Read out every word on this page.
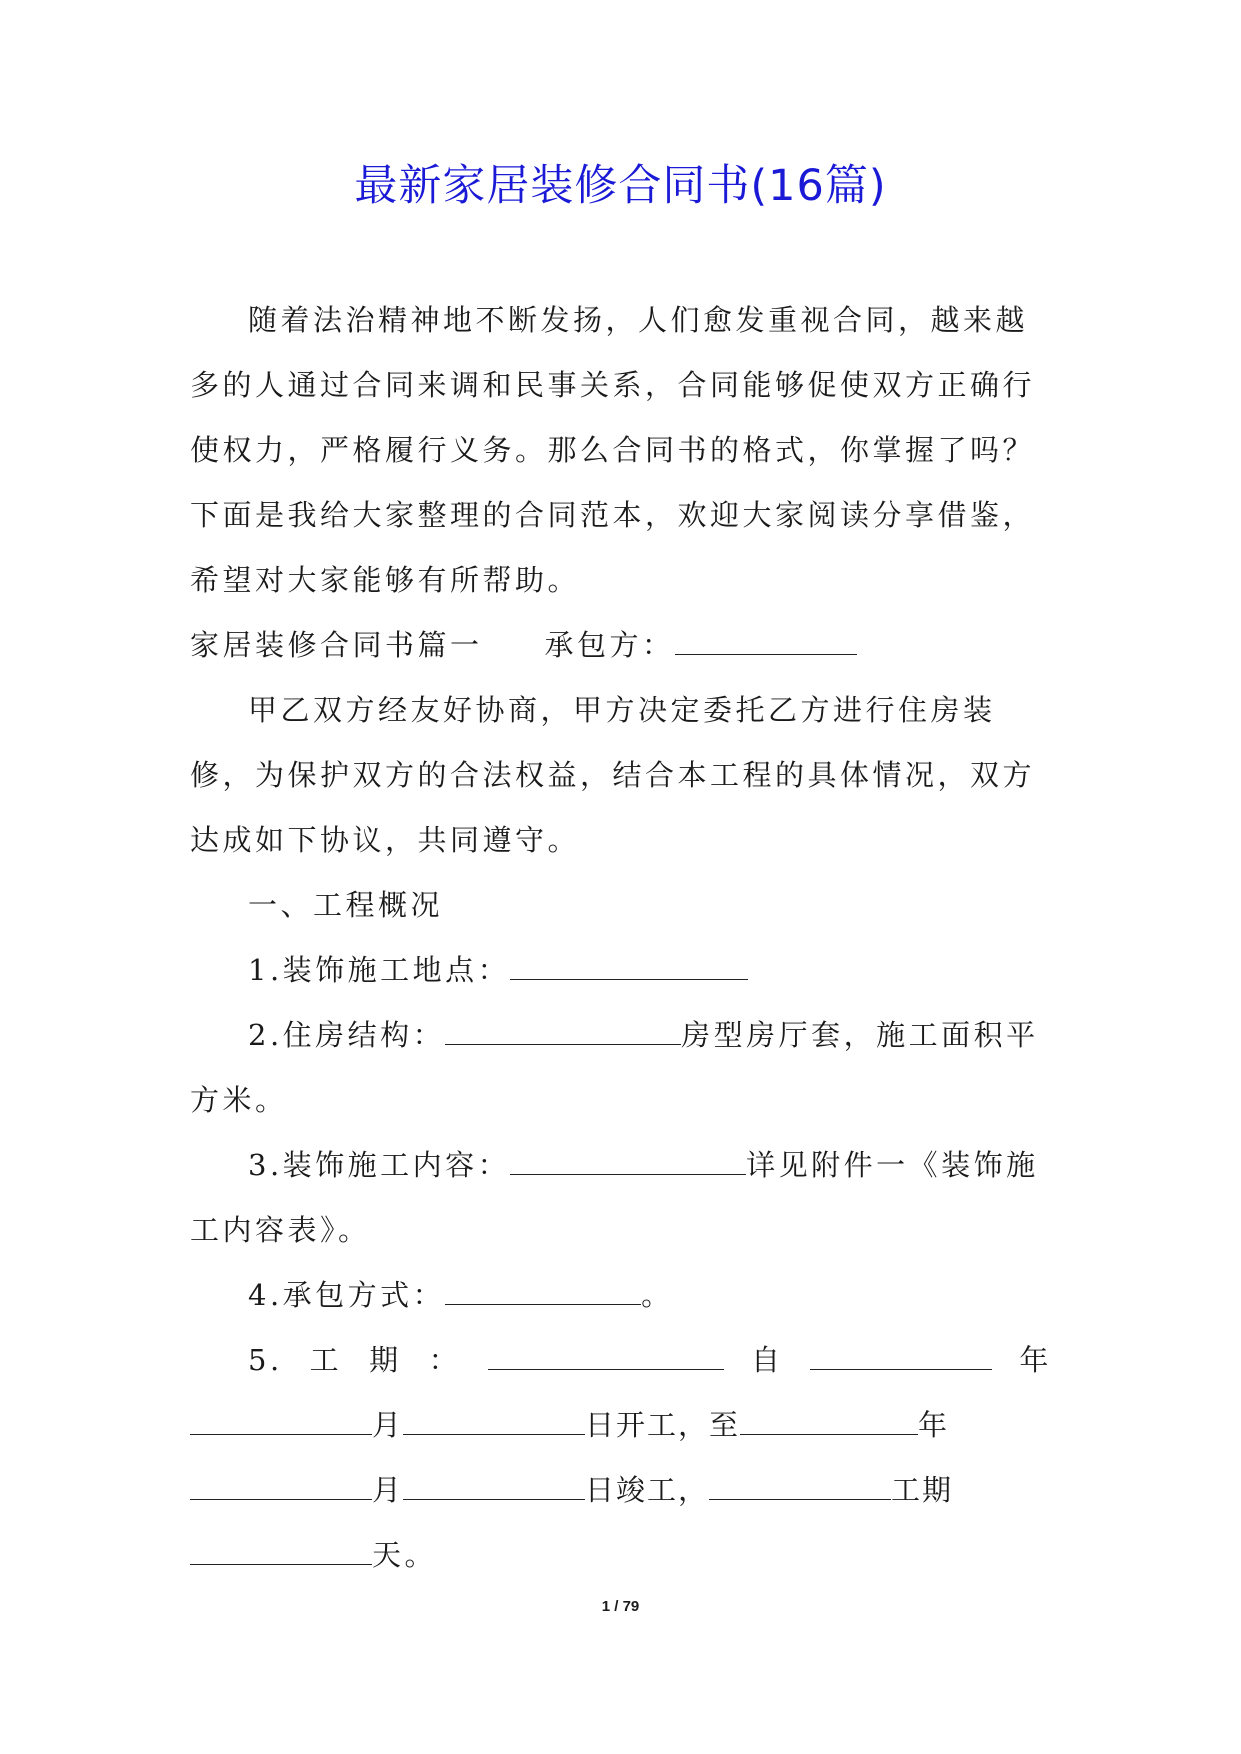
最新家居装修合同书(16篇)

随着法治精神地不断发扬，人们愈发重视合同，越来越多的人通过合同来调和民事关系，合同能够促使双方正确行使权力，严格履行义务。那么合同书的格式，你掌握了吗？下面是我给大家整理的合同范本，欢迎大家阅读分享借鉴，希望对大家能够有所帮助。

家居装修合同书篇一 承包方：

甲乙双方经友好协商，甲方决定委托乙方进行住房装修，为保护双方的合法权益，结合本工程的具体情况，双方达成如下协议，共同遵守。

一、工程概况

1.装饰施工地点：

2.住房结构：	房型房厅套，施工面积平

方米。

3.装饰施工内容：	详见附件一《装饰施

工内容表》。

4.承包方式：	。

5. 工 期 ：	自	年

月	日开工，至	年

月	日竣工，	工期

天。

1 / 79
